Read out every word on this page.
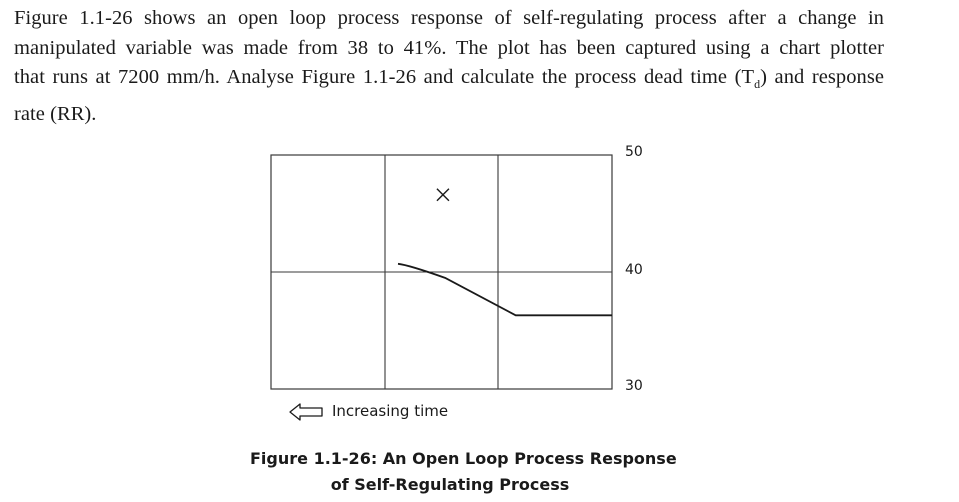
Figure 1.1-26 shows an open loop process response of self-regulating process after a change in
manipulated variable was made from 38 to 41%. The plot has been captured using a chart plotter
that runs at 7200 mm/h. Analyse Figure 1.1-26 and calculate the process dead time $(T_d)$ and response
rate (RR).
50
40
30
Increasing time
Figure 1.1-26: An Open Loop Process Response
of Self-Regulating Process
